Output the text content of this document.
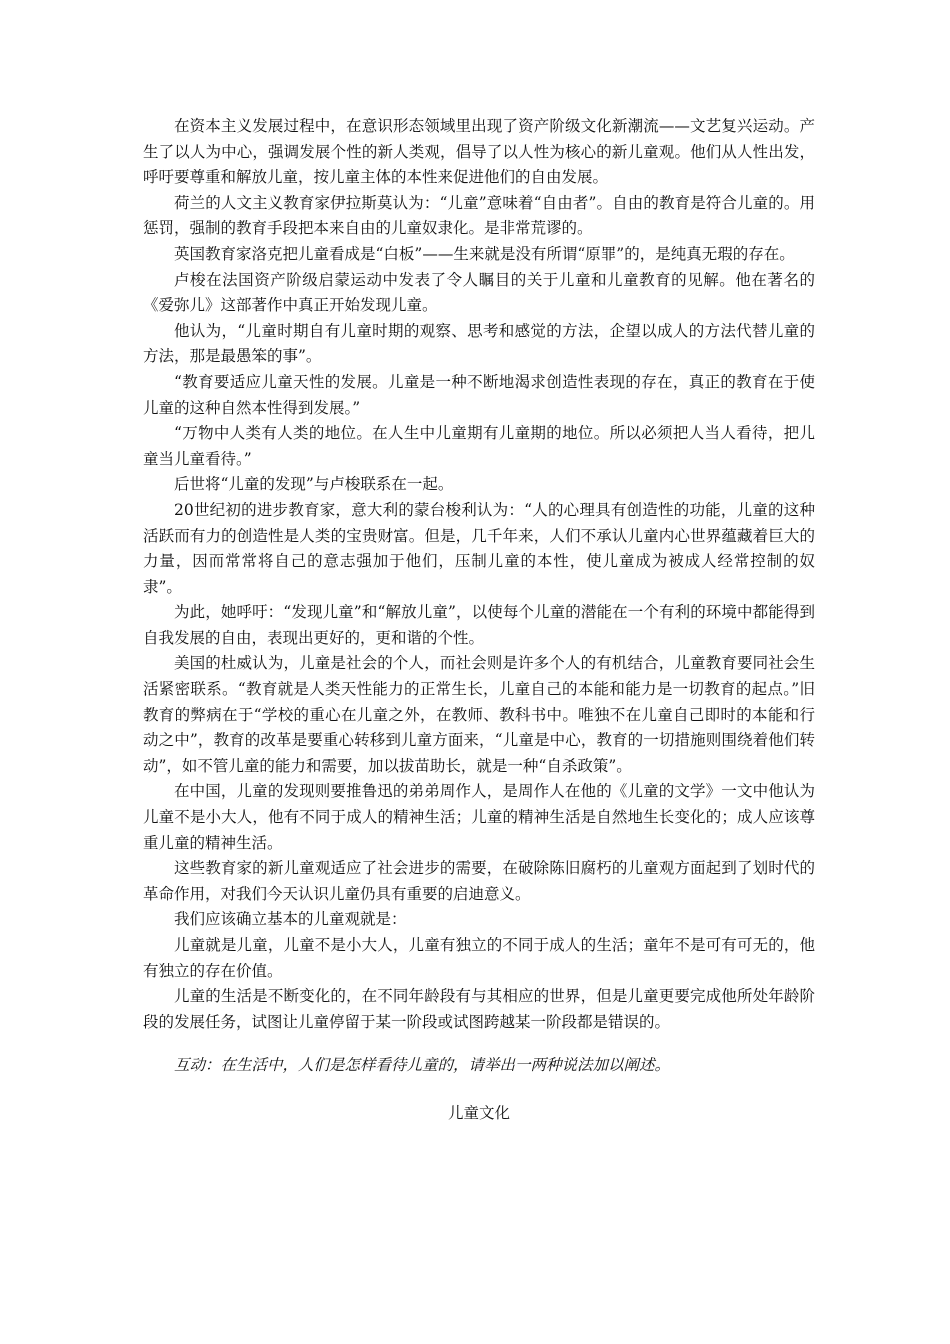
在资本主义发展过程中，在意识形态领域里出现了资产阶级文化新潮流——文艺复兴运动。产生了以人为中心，强调发展个性的新人类观，倡导了以人性为核心的新儿童观。他们从人性出发，呼吁要尊重和解放儿童，按儿童主体的本性来促进他们的自由发展。

荷兰的人文主义教育家伊拉斯莫认为：“儿童”意味着“自由者”。自由的教育是符合儿童的。用惩罚，强制的教育手段把本来自由的儿童奴隶化。是非常荒谬的。

英国教育家洛克把儿童看成是“白板”——生来就是没有所谓“原罪”的，是纯真无瑕的存在。

卢梭在法国资产阶级启蒙运动中发表了令人瞩目的关于儿童和儿童教育的见解。他在著名的《爱弥儿》这部著作中真正开始发现儿童。

他认为，“儿童时期自有儿童时期的观察、思考和感觉的方法，企望以成人的方法代替儿童的方法，那是最愚笨的事”。

“教育要适应儿童天性的发展。儿童是一种不断地渴求创造性表现的存在，真正的教育在于使儿童的这种自然本性得到发展。”

“万物中人类有人类的地位。在人生中儿童期有儿童期的地位。所以必须把人当人看待，把儿童当儿童看待。”

后世将“儿童的发现”与卢梭联系在一起。

20世纪初的进步教育家，意大利的蒙台梭利认为：“人的心理具有创造性的功能，儿童的这种活跃而有力的创造性是人类的宝贵财富。但是，几千年来，人们不承认儿童内心世界蕴藏着巨大的力量，因而常常将自己的意志强加于他们，压制儿童的本性，使儿童成为被成人经常控制的奴隶”。

为此，她呼吁：“发现儿童”和“解放儿童”，以使每个儿童的潜能在一个有利的环境中都能得到自我发展的自由，表现出更好的，更和谐的个性。

美国的杜威认为，儿童是社会的个人，而社会则是许多个人的有机结合，儿童教育要同社会生活紧密联系。“教育就是人类天性能力的正常生长，儿童自己的本能和能力是一切教育的起点。”旧教育的弊病在于“学校的重心在儿童之外，在教师、教科书中。唯独不在儿童自己即时的本能和行动之中”，教育的改革是要重心转移到儿童方面来，“儿童是中心，教育的一切措施则围绕着他们转动”，如不管儿童的能力和需要，加以拔苗助长，就是一种“自杀政策”。

在中国，儿童的发现则要推鲁迅的弟弟周作人，是周作人在他的《儿童的文学》一文中他认为儿童不是小大人，他有不同于成人的精神生活；儿童的精神生活是自然地生长变化的；成人应该尊重儿童的精神生活。

这些教育家的新儿童观适应了社会进步的需要，在破除陈旧腐朽的儿童观方面起到了划时代的革命作用，对我们今天认识儿童仍具有重要的启迪意义。

我们应该确立基本的儿童观就是：

儿童就是儿童，儿童不是小大人，儿童有独立的不同于成人的生活；童年不是可有可无的，他有独立的存在价值。

儿童的生活是不断变化的，在不同年龄段有与其相应的世界，但是儿童更要完成他所处年龄阶段的发展任务，试图让儿童停留于某一阶段或试图跨越某一阶段都是错误的。

互动：在生活中，人们是怎样看待儿童的，请举出一两种说法加以阐述。

儿童文化
